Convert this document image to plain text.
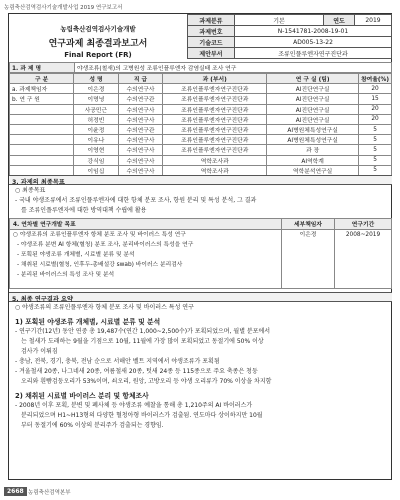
농림축산검역검사기술개발사업 2019 연구보고서
농림축산검역검사기술개발
연구과제 최종결과보고서
Final Report (FR)
과제분류	기본	연도	2019
과제번호	N-1541781-2008-19-01		
기술코드	AD005-13-22		
제안부서	조류인플루엔자연구진단과		
1. 과 제 명	야생조류(철새)의 고병원성 조류인플루엔자 감염실태 조사 연구
구 분	성 명	직 급	과 (부서)	연 구 실 (팀)	참여율(%)
a. 과제책임자	이은경	수의연구사	조류인플루엔자연구진단과	AI진단연구실	20
b. 연 구 원	이명녕	수의연구관	조류인플루엔자연구진단과	AI진단연구실	15
	사공민근	수의연구사	조류인플루엔자연구진단과	AI진단연구실	20
	허정빈	수의연구사	조류인플루엔자연구진단과	AI진단연구실	20
	이윤정	수의연구관	조류인플루엔자연구진단과	AI병원체특성연구실	5
	이유나	수의연구사	조류인플루엔자연구진단과	AI병원체특성연구실	5
	이영현	수의연구사	조류인플루엔자연구진단과	과 장	5
	강식임	수의연구사	역학조사과	AI역학계	5
	이임십	수의연구사	역학조사과	역학분석연구실	5
3. 과제의 최종목표

○ 최종목표

- 국내 야생조류에서 조류인플루엔자에 대한 항체 분포 조사, 항원 분리 및 특성 분석, 그 결과

를 조류인플루엔자에 대한 방역대책 수립에 활용

4. 연차별 연구개발 목표	세부책임자	연구기간

○ 야생조류의 조류인플루엔자 항체 분포 조사 및 바이러스 특성 연구
- 야생조류 분변 AI 항체(혈청) 분포 조사, 분리바이러스의 특성을 연구
- 포획된 야생조류 개체별, 시료별 분류 및 분석
- 채취된 시료별(혈청, 인후두-총배설강 swab) 바이러스 분리검사
- 분리된 바이러스의 특성 조사 및 분석	이은경	2008~2019
5. 최종 연구결과 요약

○ 야생조류의 조류인플루엔자 항체 분포 조사 및 바이러스 특성 연구

1) 포획된 야생조류 개체별, 시료별 분류 및 분석

- 연구기간(12년) 동안 연중 총 19,487수(연간 1,000~2,500수)가 포획되었으며, 월별 분포에서

는 철새가 도래하는 9월을 기점으로 10월, 11월에 가장 많이 포획되었고 동절기에 50% 이상

검사가 이뤄짐

- 충남, 전북, 경기, 충북, 전남 순으로 서해안 벨트 지역에서 야생조류가 포획됨

- 겨울철새 20종, 나그네새 20종, 여름철새 20종, 텃새 24종 등 115종으로 주요 축종은 청둥

오리와 흰뺨검둥오리가 53%이며, 쇠오리, 원앙, 고방오리 등 야생 오리류가 70% 이상을 차지함

2) 채취된 시료별 바이러스 분리 및 항체조사

- 2008년 이후 포획, 분변 및 폐사체 등 야생조류 예찰을 통해 총 1,210주의 AI 바이러스가

분리되었으며 H1~H13형의 다양한 혈청아형 바이러스가 검출됨. 연도마다 상이하지만 10월

부터 동절기에 60% 이상의 분리주가 검출되는 경향임.

2668 농림축산검역본부
